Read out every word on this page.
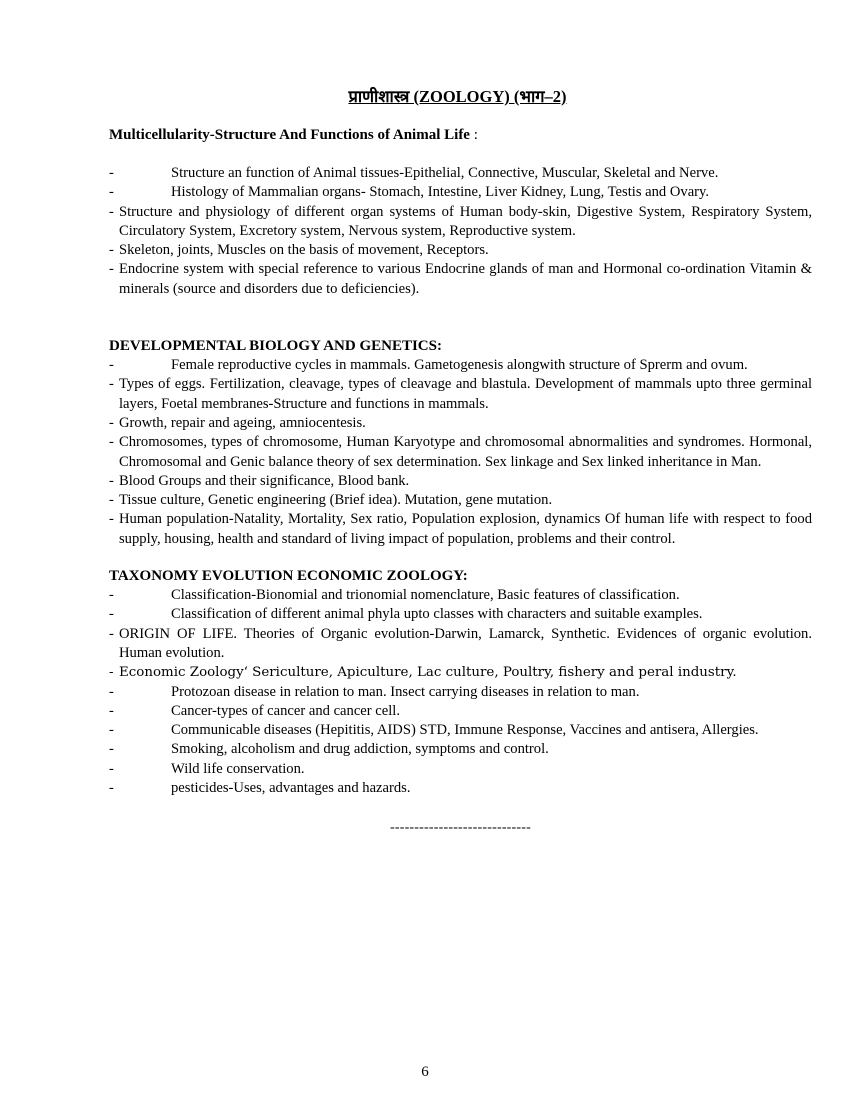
प्राणीशास्त्र (ZOOLOGY) (भाग–2)
Multicellularity-Structure And Functions of Animal Life :
-	Structure an function of Animal tissues-Epithelial, Connective, Muscular, Skeletal and Nerve.
-	Histology of Mammalian organs- Stomach, Intestine, Liver Kidney, Lung, Testis and Ovary.
- Structure and physiology of different organ systems of Human body-skin, Digestive System, Respiratory System, Circulatory System, Excretory system, Nervous system, Reproductive system.
- Skeleton, joints, Muscles on the basis of movement, Receptors.
- Endocrine system with special reference to various Endocrine glands of man and Hormonal co-ordination Vitamin & minerals (source and disorders due to deficiencies).
DEVELOPMENTAL BIOLOGY AND GENETICS:
-	Female reproductive cycles in mammals. Gametogenesis alongwith structure of Sprerm and ovum.
- Types of eggs. Fertilization, cleavage, types of cleavage and blastula. Development of mammals upto three germinal layers, Foetal membranes-Structure and functions in mammals.
- Growth, repair and ageing, amniocentesis.
- Chromosomes, types of chromosome, Human Karyotype and chromosomal abnormalities and syndromes. Hormonal, Chromosomal and Genic balance theory of sex determination. Sex linkage and Sex linked inheritance in Man.
- Blood Groups and their significance, Blood bank.
- Tissue culture, Genetic engineering (Brief idea). Mutation, gene mutation.
- Human population-Natality, Mortality, Sex ratio, Population explosion, dynamics Of human life with respect to food supply, housing, health and standard of living impact of population, problems and their control.
TAXONOMY EVOLUTION ECONOMIC ZOOLOGY:
-	Classification-Bionomial and trionomial nomenclature, Basic features of classification.
-	Classification of different animal phyla upto classes with characters and suitable examples.
- ORIGIN OF LIFE. Theories of Organic evolution-Darwin, Lamarck, Synthetic. Evidences of organic evolution. Human evolution.
- Economic Zoology‘ Sericulture, Apiculture, Lac culture, Poultry, fishery and peral industry.
-	Protozoan disease in relation to man. Insect carrying diseases in relation to man.
-	Cancer-types of cancer and cancer cell.
-	Communicable diseases (Hepititis, AIDS) STD, Immune Response, Vaccines and antisera, Allergies.
-	Smoking, alcoholism and drug addiction, symptoms and control.
-	Wild life conservation.
-	pesticides-Uses, advantages and hazards.
-----------------------------
6
